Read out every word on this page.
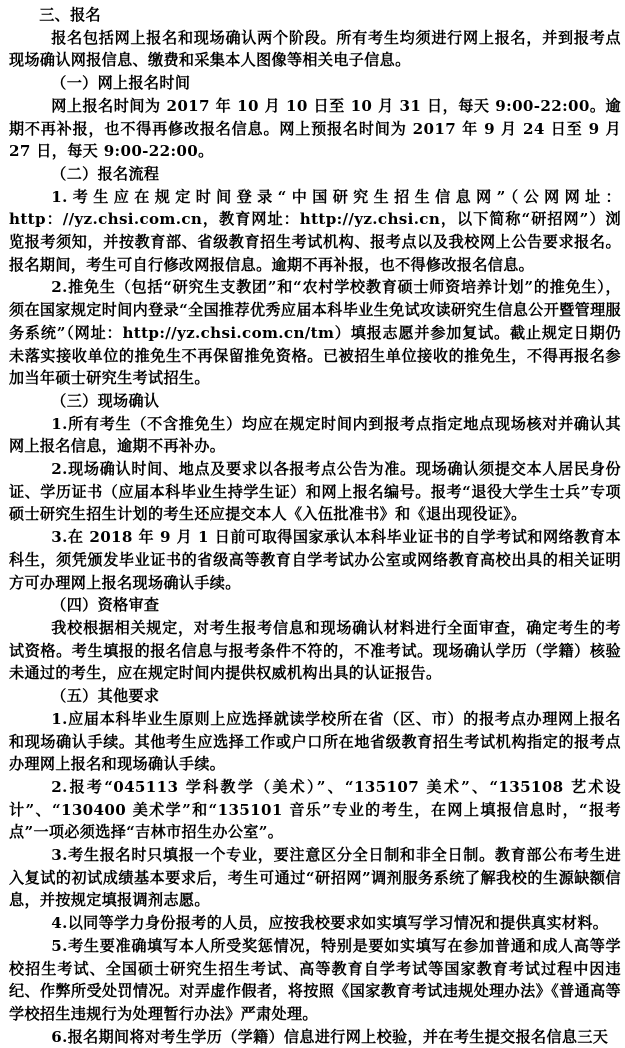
三、报名

报名包括网上报名和现场确认两个阶段。所有考生均须进行网上报名，并到报考点现场确认网报信息、缴费和采集本人图像等相关电子信息。

（一）网上报名时间

网上报名时间为 2017 年 10 月 10 日至 10 月 31 日，每天 9:00-22:00。逾期不再补报，也不得再修改报名信息。网上预报名时间为 2017 年 9 月 24 日至 9 月 27 日，每天 9:00-22:00。

（二）报名流程

1.考生应在规定时间登录“中国研究生招生信息网”（公网网址：http：//yz.chsi.com.cn，教育网址：http://yz.chsi.cn，以下简称“研招网”）浏览报考须知，并按教育部、省级教育招生考试机构、报考点以及我校网上公告要求报名。报名期间，考生可自行修改网报信息。逾期不再补报，也不得修改报名信息。

2.推免生（包括“研究生支教团”和“农村学校教育硕士师资培养计划”的推免生），须在国家规定时间内登录“全国推荐优秀应届本科毕业生免试攻读研究生信息公开暨管理服务系统”（网址：http://yz.chsi.com.cn/tm）填报志愿并参加复试。截止规定日期仍未落实接收单位的推免生不再保留推免资格。已被招生单位接收的推免生，不得再报名参加当年硕士研究生考试招生。

（三）现场确认

1.所有考生（不含推免生）均应在规定时间内到报考点指定地点现场核对并确认其网上报名信息，逾期不再补办。

2.现场确认时间、地点及要求以各报考点公告为准。现场确认须提交本人居民身份证、学历证书（应届本科毕业生持学生证）和网上报名编号。报考“退役大学生士兵”专项硕士研究生招生计划的考生还应提交本人《入伍批准书》和《退出现役证》。

3.在 2018 年 9 月 1 日前可取得国家承认本科毕业证书的自学考试和网络教育本科生，须凭颁发毕业证书的省级高等教育自学考试办公室或网络教育高校出具的相关证明方可办理网上报名现场确认手续。

（四）资格审查

我校根据相关规定，对考生报考信息和现场确认材料进行全面审查，确定考生的考试资格。考生填报的报名信息与报考条件不符的，不准考试。现场确认学历（学籍）核验未通过的考生，应在规定时间内提供权威机构出具的认证报告。

（五）其他要求

1.应届本科毕业生原则上应选择就读学校所在省（区、市）的报考点办理网上报名和现场确认手续。其他考生应选择工作或户口所在地省级教育招生考试机构指定的报考点办理网上报名和现场确认手续。

2.报考“045113 学科教学（美术）”、“135107 美术”、“135108 艺术设计”、“130400 美术学”和“135101 音乐”专业的考生，在网上填报信息时，“报考点”一项必须选择“吉林市招生办公室”。

3.考生报名时只填报一个专业，要注意区分全日制和非全日制。教育部公布考生进入复试的初试成绩基本要求后，考生可通过“研招网”调剂服务系统了解我校的生源缺额信息，并按规定填报调剂志愿。

4.以同等学力身份报考的人员，应按我校要求如实填写学习情况和提供真实材料。

5.考生要准确填写本人所受奖惩情况，特别是要如实填写在参加普通和成人高等学校招生考试、全国硕士研究生招生考试、高等教育自学考试等国家教育考试过程中因违纪、作弊所受处罚情况。对弄虚作假者，将按照《国家教育考试违规处理办法》《普通高等学校招生违规行为处理暂行办法》严肃处理。

6.报名期间将对考生学历（学籍）信息进行网上校验，并在考生提交报名信息三天
